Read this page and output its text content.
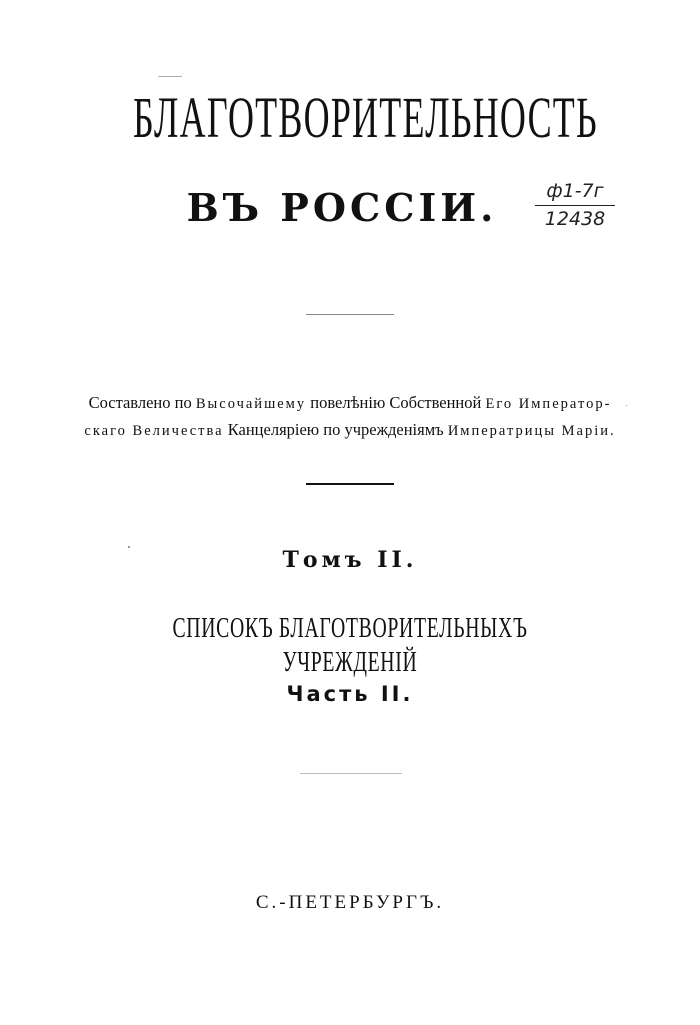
БЛАГОТВОРИТЕЛЬНОСТЬ
ВЪ РОССІИ.	ф1-7г
12438
Составлено по Высочайшему повелѣнію Собственной Его Император-
скаго Величества Канцеляріею по учрежденіямъ Императрицы Маріи.
Томъ II.
СПИСОКЪ БЛАГОТВОРИТЕЛЬНЫХЪ УЧРЕЖДЕНІЙ
Часть II.
С.-ПЕТЕРБУРГЪ.
